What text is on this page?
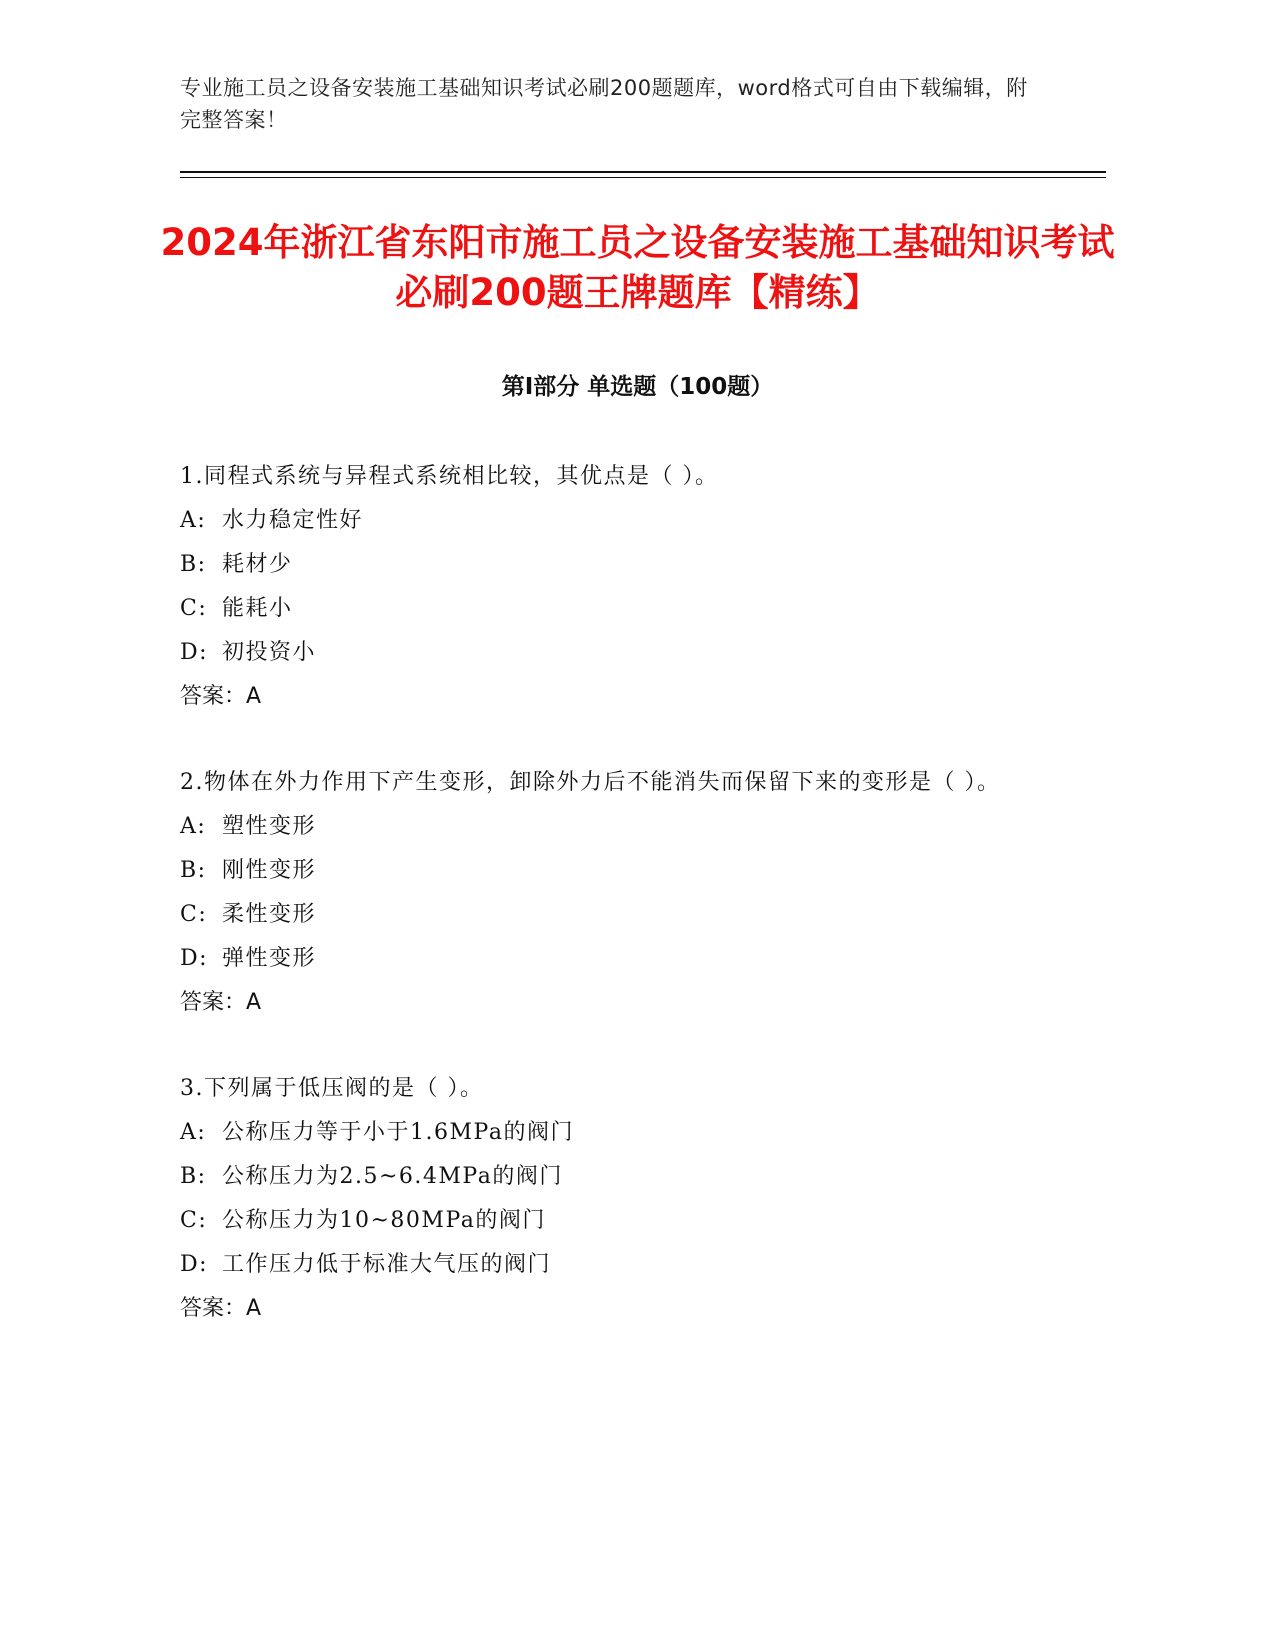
专业施工员之设备安装施工基础知识考试必刷200题题库，word格式可自由下载编辑，附完整答案！
2024年浙江省东阳市施工员之设备安装施工基础知识考试必刷200题王牌题库【精练】
第Ⅰ部分 单选题（100题）

1.同程式系统与异程式系统相比较，其优点是（ ）。

A: 水力稳定性好
B: 耗材少
C: 能耗小
D: 初投资小
答案：A

2.物体在外力作用下产生变形，卸除外力后不能消失而保留下来的变形是（ ）。

A: 塑性变形
B: 刚性变形
C: 柔性变形
D: 弹性变形
答案：A

3.下列属于低压阀的是（ ）。

A: 公称压力等于小于1.6MPa的阀门
B: 公称压力为2.5~6.4MPa的阀门
C: 公称压力为10~80MPa的阀门
D: 工作压力低于标准大气压的阀门
答案：A
